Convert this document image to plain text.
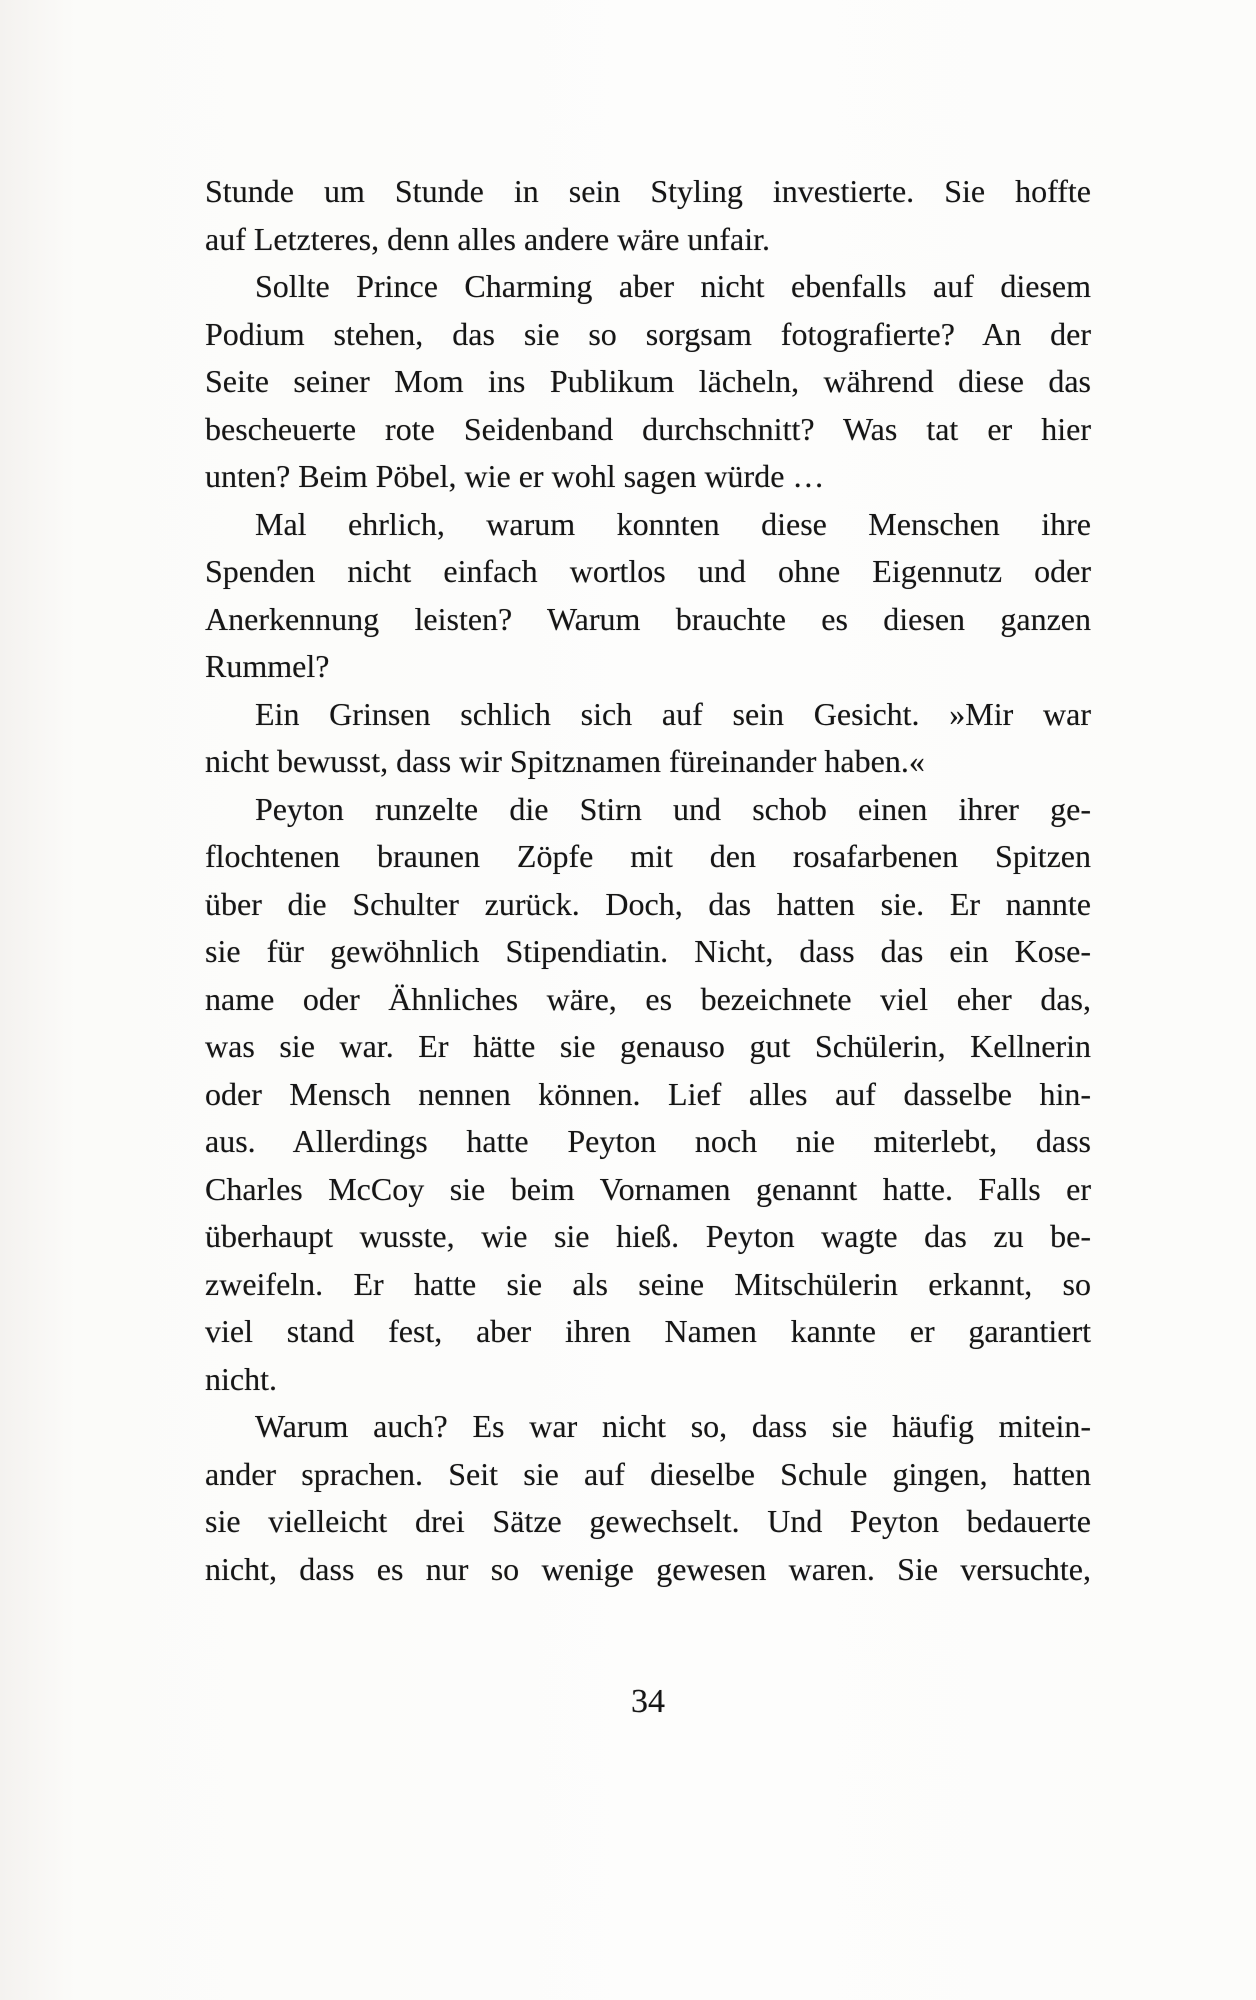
Stunde um Stunde in sein Styling investierte. Sie hoffte
auf Letzteres, denn alles andere wäre unfair.
Sollte Prince Charming aber nicht ebenfalls auf diesem
Podium stehen, das sie so sorgsam fotografierte? An der
Seite seiner Mom ins Publikum lächeln, während diese das
bescheuerte rote Seidenband durchschnitt? Was tat er hier
unten? Beim Pöbel, wie er wohl sagen würde …
Mal ehrlich, warum konnten diese Menschen ihre
Spenden nicht einfach wortlos und ohne Eigennutz oder
Anerkennung leisten? Warum brauchte es diesen ganzen
Rummel?
Ein Grinsen schlich sich auf sein Gesicht. »Mir war
nicht bewusst, dass wir Spitznamen füreinander haben.«
Peyton runzelte die Stirn und schob einen ihrer ge-
flochtenen braunen Zöpfe mit den rosafarbenen Spitzen
über die Schulter zurück. Doch, das hatten sie. Er nannte
sie für gewöhnlich Stipendiatin. Nicht, dass das ein Kose-
name oder Ähnliches wäre, es bezeichnete viel eher das,
was sie war. Er hätte sie genauso gut Schülerin, Kellnerin
oder Mensch nennen können. Lief alles auf dasselbe hin-
aus. Allerdings hatte Peyton noch nie miterlebt, dass
Charles McCoy sie beim Vornamen genannt hatte. Falls er
überhaupt wusste, wie sie hieß. Peyton wagte das zu be-
zweifeln. Er hatte sie als seine Mitschülerin erkannt, so
viel stand fest, aber ihren Namen kannte er garantiert
nicht.
Warum auch? Es war nicht so, dass sie häufig mitein-
ander sprachen. Seit sie auf dieselbe Schule gingen, hatten
sie vielleicht drei Sätze gewechselt. Und Peyton bedauerte
nicht, dass es nur so wenige gewesen waren. Sie versuchte,
34
